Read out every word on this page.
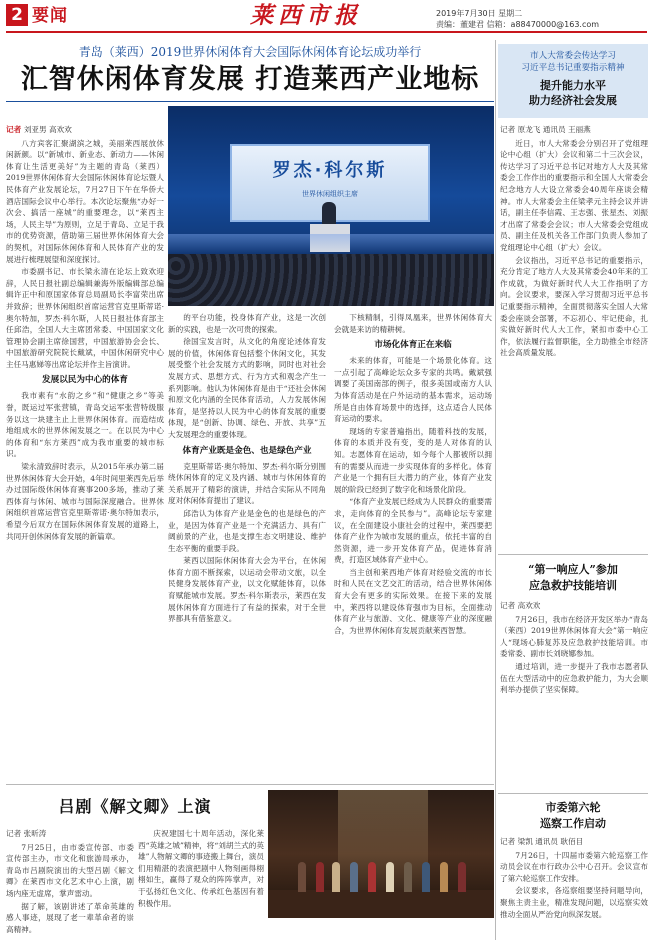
2 要闻	莱西市报	2019年7月30日 星期二
责编：董建君 信箱：a88470000@163.com
青岛（莱西）2019世界休闲体育大会国际休闲体育论坛成功举行
汇智休闲体育发展 打造莱西产业地标

记者 刘亚男 高欢欢

八方宾客汇聚湖滨之城，美丽莱西展放休闲新颜。以“新城市、新业态、新动力——休闲体育让生活更美好”为主题的青岛（莱西）2019世界休闲体育大会国际休闲体育论坛暨人民体育产业发展论坛，7月27日下午在华侨大酒店国际会议中心举行。本次论坛聚焦“办好一次会、搞活一座城”的重要理念，以“莱西主场，人民主导”为原则，立足于青岛、立足于我市的优势资源，借助第三届世界休闲体育大会的契机，对国际休闲体育和人民体育产业的发展进行梳理展望和深度探讨。

市委副书记、市长梁永清在论坛上致欢迎辞，人民日报社副总编辑兼海外版编辑部总编辑许正中和原国家体育总局副局长李富荣出席并致辞；世界休闲组织首席运营官克里斯蒂诺·奥尔特加，罗杰·科尔斯，人民日报社体育部主任邱浩，全国人大主席团常委、中国国家文化管理协会副主席徐国营，中国旅游协会会长、中国旅游研究院院长戴斌，中国休闲研究中心主任马惠娣等出席论坛并作主旨演讲。

发展以民为中心的体育

我市素有“水韵之乡”和“健康之乡”等美誉，既运过军张营镇，青岛交运军张营特级服务以这一块建主止上世界休闲体育。而造结成地组成水的世界休闲发展之一。在以民为中心的体育和“东方莱西”成为我市重要的城市标识。

梁永清致辞时表示，从2015年承办第二届世界休闲体育大会开始，4年时间里莱西先后举办过国际级休闲体育赛事200多场，推动了莱西体育与休闲、城市与国际深度融合。世界休闲组织首席运营官克里斯蒂诺·奥尔特加表示，希望今后双方在国际休闲体育发展的道路上，共同开创休闲体育发展的新篇章。

罗杰·科尔斯
世界休闲组织主席

的平台功能，投身体育产业，这是一次创新的实践，也是一次可贵的探索。

徐国宝发言时，从文化的角度论述体育发展的价值，休闲体育包括整个休闲文化，其发展受整个社会发展方式的影响，同时也对社会发展方式、思想方式、行为方式和观念产生一系列影响。他认为休闲体育是由于“还社会休闲和原文化内涵的全民体育活动，人力发展休闲体育，是坚持以人民为中心的体育发展的重要体现，是“创新、协调、绿色、开放、共享”五大发展理念的重要体现。

体育产业既是金色、也是绿色产业

克里斯蒂诺·奥尔特加、罗杰·科尔斯分别围绕休闲体育的定义及内涵、城市与休闲体育的关系展开了精彩的演讲，并结合实际从不同角度对休闲体育提出了建议。

邱浩认为体育产业是金色的也是绿色的产业，是因为体育产业是一个充满活力、具有广阔前景的产业，也是支撑生态文明建设、维护生态平衡的重要手段。

莱西以国际休闲体育大会为平台，在休闲体育方面不断探索，以运动会带动文旅，以全民健身发展体育产业，以文化赋能体育，以体育赋能城市发展。罗杰·科尔斯表示，莱西在发展休闲体育方面进行了有益的探索，对于全世界都具有借鉴意义。

下核精制，引得凤凰来，世界休闲体育大会就是来访的精耕树。

市场化体育正在来临

未来的体育，可能是一个场景化体育。这一点引起了高峰论坛众多专家的共鸣。戴斌强调要了美国南部的例子，很多美国或南方人认为体育活动是在户外运动的基本需求，运动场所是自由体育场景中的选择，这点适合人民体育运动的要求。

现场的专家普遍指出，随着科技的发展，体育的本质并没有变，变的是人对体育的认知。志愿体育在运动，如今每个人都被所以拥有的需要从而进一步实现体育的多样化。体育产业是一个拥有巨大潜力的产业，体育产业发展的阶段已经到了数字化和场景化阶段。

“体育产业发展已经成为人民群众的重要需求，走向体育的全民参与”。高峰论坛专家建议，在全面建设小康社会的过程中，莱西要把体育产业作为城市发展的重点，依托丰富的自然资源，进一步开发体育产品，促进体育消费，打造区域体育产业中心。

当主创和莱西地产体育对经验交流的市长时和人民在文艺交汇的活动，结合世界休闲体育大会有更多的实际效果。在接下来的发展中，莱西将以建设体育强市为目标，全面推动体育产业与旅游、文化、健康等产业的深度融合，为世界休闲体育发展贡献莱西智慧。

市人大常委会传达学习
习近平总书记重要指示精神
提升能力水平
助力经济社会发展

记者 原龙飞 通讯员 王丽燕

近日，市人大常委会分别召开了党组理论中心组（扩大）会议和第二十三次会议，传达学习了习近平总书记对地方人大及其常委会工作作出的重要指示和全国人大常委会纪念地方人大设立常委会40周年座谈会精神。市人大常委会主任梁孝元主持会议并讲话，副主任李信霞、王志强、张星杰、刘振才出席了常委会会议；市人大常委会党组成员、副主任及机关各工作部门负责人参加了党组理论中心组（扩大）会议。

会议指出，习近平总书记的重要指示，充分肯定了地方人大及其常委会40年来的工作成就，为做好新时代人大工作指明了方向。会议要求，要深入学习贯彻习近平总书记重要指示精神，全面贯彻落实全国人大常委会座谈会部署，不忘初心、牢记使命，扎实做好新时代人大工作，紧扣市委中心工作，依法履行监督职能，全力助推全市经济社会高质量发展。

“第一响应人”参加
应急救护技能培训

记者 高欢欢

7月26日，我市在经济开发区举办“青岛（莱西）2019世界休闲体育大会”第一响应人“现场心肺复苏及应急救护技能培训。市委常委、副市长刘晓娜参加。

通过培训，进一步提升了我市志愿者队伍在大型活动中的应急救护能力，为大会顺利举办提供了坚实保障。

市委第六轮
巡察工作启动

记者 梁凯 通讯员 耿佰目

7月26日，十四届市委第六轮巡察工作动员会议在市行政办公中心召开。会议宣布了第六轮巡察工作安排。

会议要求，各巡察组要坚持问题导向，聚焦主责主业，精准发现问题，以巡察实效推动全面从严治党向纵深发展。

吕剧《解文卿》上演

记者 张昕涛

7月25日，由市委宣传部、市委宣传部主办，市文化和旅游局承办，青岛市吕剧院演出的大型吕剧《解文卿》在莱西市文化艺术中心上演，剧场内座无虚席，掌声雷动。

据了解，该剧讲述了革命英雄的感人事迹，展现了老一辈革命者的崇高精神。

庆祝建国七十周年活动，深化莱西“英雄之城”精神，将“刘胡兰式的英雄”人物解文卿的事迹搬上舞台，演员们用精湛的表演把剧中人物刻画得栩栩如生，赢得了观众的阵阵掌声，对于弘扬红色文化、传承红色基因有着积极作用。
